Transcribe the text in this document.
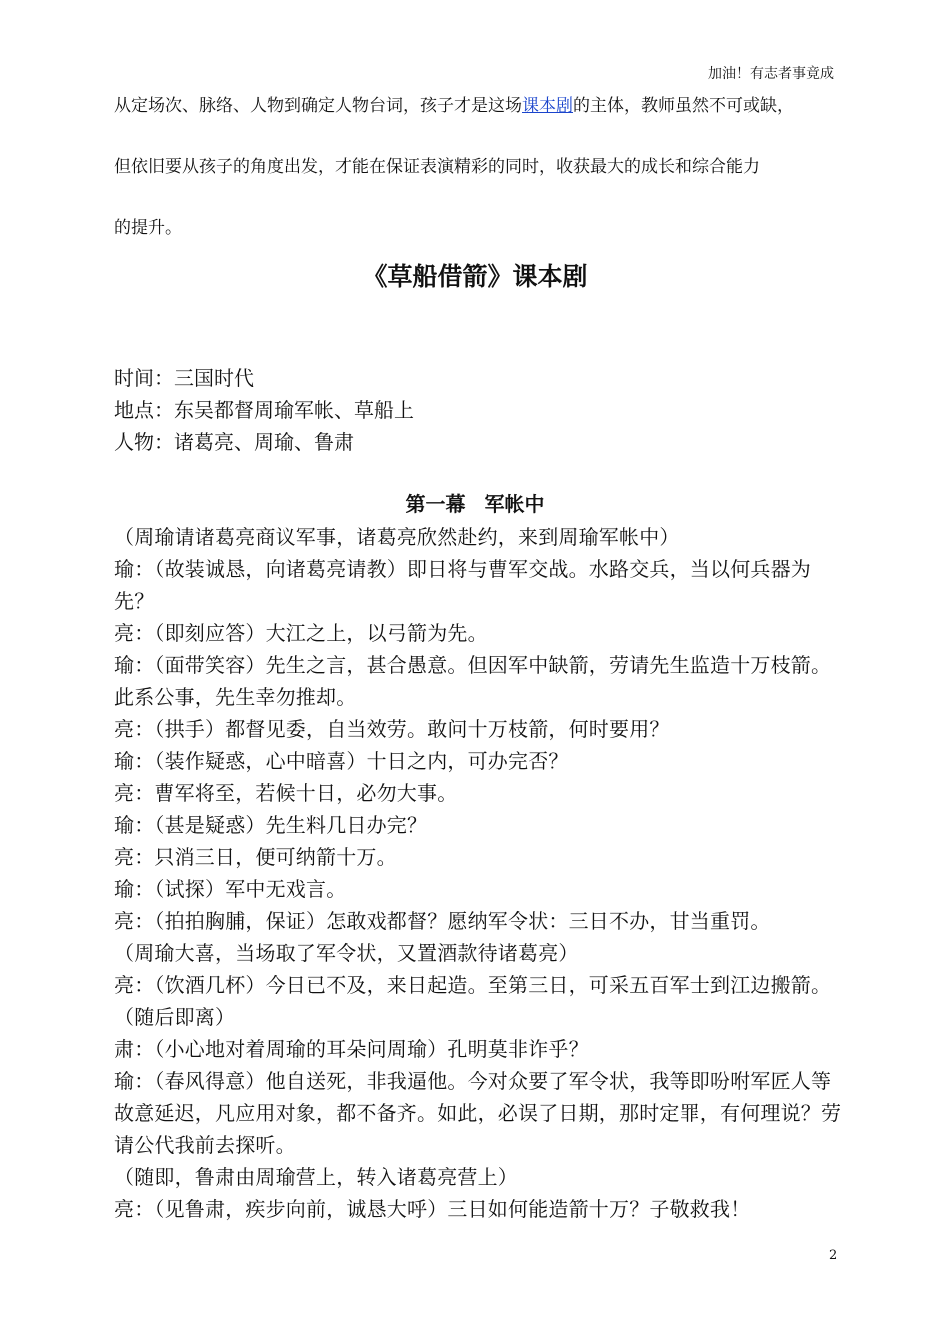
加油！有志者事竟成
从定场次、脉络、人物到确定人物台词，孩子才是这场课本剧的主体，教师虽然不可或缺，
但依旧要从孩子的角度出发，才能在保证表演精彩的同时，收获最大的成长和综合能力
的提升。
《草船借箭》课本剧
时间：三国时代
地点：东吴都督周瑜军帐、草船上
人物：诸葛亮、周瑜、鲁肃
第一幕 军帐中

（周瑜请诸葛亮商议军事，诸葛亮欣然赴约，来到周瑜军帐中）

瑜：（故装诚恳，向诸葛亮请教）即日将与曹军交战。水路交兵，当以何兵器为先？

亮：（即刻应答）大江之上，以弓箭为先。

瑜：（面带笑容）先生之言，甚合愚意。但因军中缺箭，劳请先生监造十万枝箭。此系公事，先生幸勿推却。

亮：（拱手）都督见委，自当效劳。敢问十万枝箭，何时要用？

瑜：（装作疑惑，心中暗喜）十日之内，可办完否？

亮：曹军将至，若候十日，必勿大事。

瑜：（甚是疑惑）先生料几日办完？

亮：只消三日，便可纳箭十万。

瑜：（试探）军中无戏言。

亮：（拍拍胸脯，保证）怎敢戏都督？愿纳军令状：三日不办，甘当重罚。

（周瑜大喜，当场取了军令状，又置酒款待诸葛亮）

亮：（饮酒几杯）今日已不及，来日起造。至第三日，可采五百军士到江边搬箭。（随后即离）

肃：（小心地对着周瑜的耳朵问周瑜）孔明莫非诈乎？

瑜：（春风得意）他自送死，非我逼他。今对众要了军令状，我等即吩咐军匠人等故意延迟，凡应用对象，都不备齐。如此，必误了日期，那时定罪，有何理说？劳请公代我前去探听。

（随即，鲁肃由周瑜营上，转入诸葛亮营上）

亮：（见鲁肃，疾步向前，诚恳大呼）三日如何能造箭十万？子敬救我！

2
